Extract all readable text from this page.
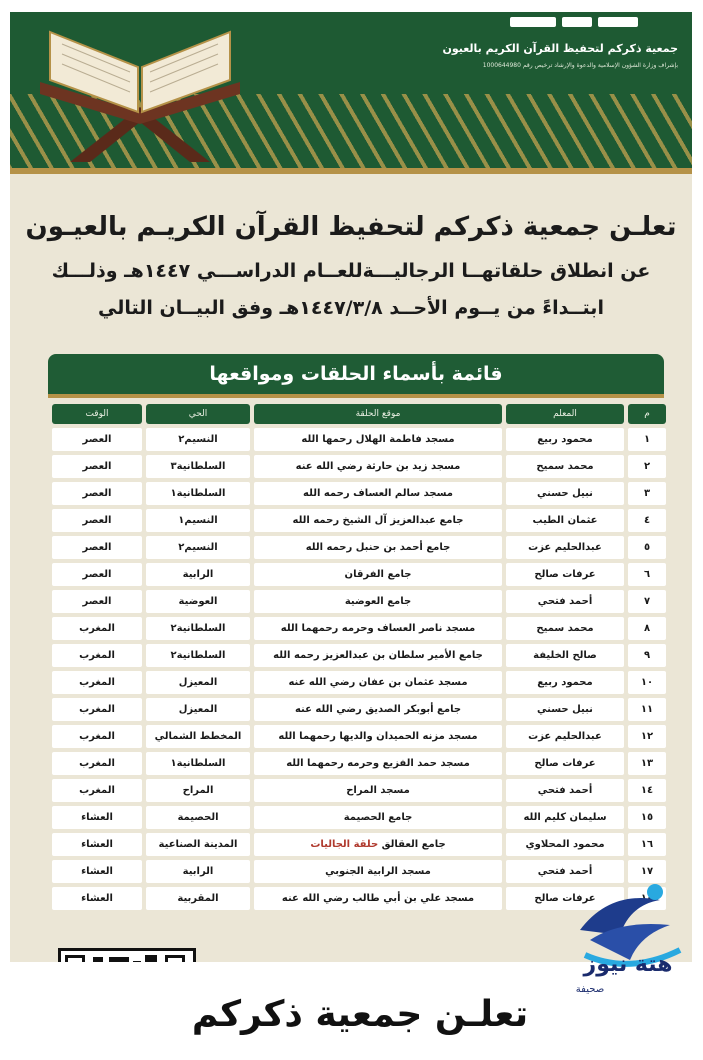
جمعية ذكركم لتحفيظ القرآن الكريم بالعيون
بإشراف وزارة الشؤون الإسلامية والدعوة والإرشاد ترخيص رقم 1000644980
تعلـن جمعية ذكركم لتحفيظ القرآن الكريـم بالعيـون
عن انطلاق حلقاتهــا الرجاليـــةللعــام الدراســـي ١٤٤٧هـ وذلـــك
ابتــداءً من يــوم الأحــد ١٤٤٧/٣/٨هـ وفق البيــان التالي
قائمة بأسماء الحلقات ومواقعها
م	المعلم	موقع الحلقة	الحي	الوقت
١	محمود ربيع	مسجد فاطمة الهلال رحمها الله	النسيم٢	العصر
٢	محمد سميح	مسجد زيد بن حارثة رضي الله عنه	السلطانية٣	العصر
٣	نبيل حسني	مسجد سالم العساف رحمه الله	السلطانية١	العصر
٤	عثمان الطيب	جامع عبدالعزيز آل الشيخ رحمه الله	النسيم١	العصر
٥	عبدالحليم عزت	جامع أحمد بن حنبل رحمه الله	النسيم٢	العصر
٦	عرفات صالح	جامع الفرقان	الرابية	العصر
٧	أحمد فتحي	جامع العوضية	العوضية	العصر
٨	محمد سميح	مسجد ناصر العساف وحرمه رحمهما الله	السلطانية٢	المغرب
٩	صالح الخليفة	جامع الأمير سلطان بن عبدالعزيز رحمه الله	السلطانية٢	المغرب
١٠	محمود ربيع	مسجد عثمان بن عفان رضي الله عنه	المعيزل	المغرب
١١	نبيل حسني	جامع أبوبكر الصديق رضي الله عنه	المعيزل	المغرب
١٢	عبدالحليم عزت	مسجد مزنه الحميدان والديها رحمهما الله	المخطط الشمالي	المغرب
١٣	عرفات صالح	مسجد حمد الفزيع وحرمه رحمهما الله	السلطانية١	المغرب
١٤	أحمد فتحي	مسجد المراح	المراح	المغرب
١٥	سليمان كليم الله	جامع الحصيمة	الحصيمة	العشاء
١٦	محمود المحلاوي	جامع العقالق حلقة الجاليات	المدينة الصناعية	العشاء
١٧	أحمد فتحي	مسجد الرابية الجنوبي	الرابية	العشاء
	عرفات صالح	مسجد علي بن أبي طالب رضي الله عنه	المقربية	العشاء
تعلـن جمعية ذكركم
هتة نيوز
صحيفة
